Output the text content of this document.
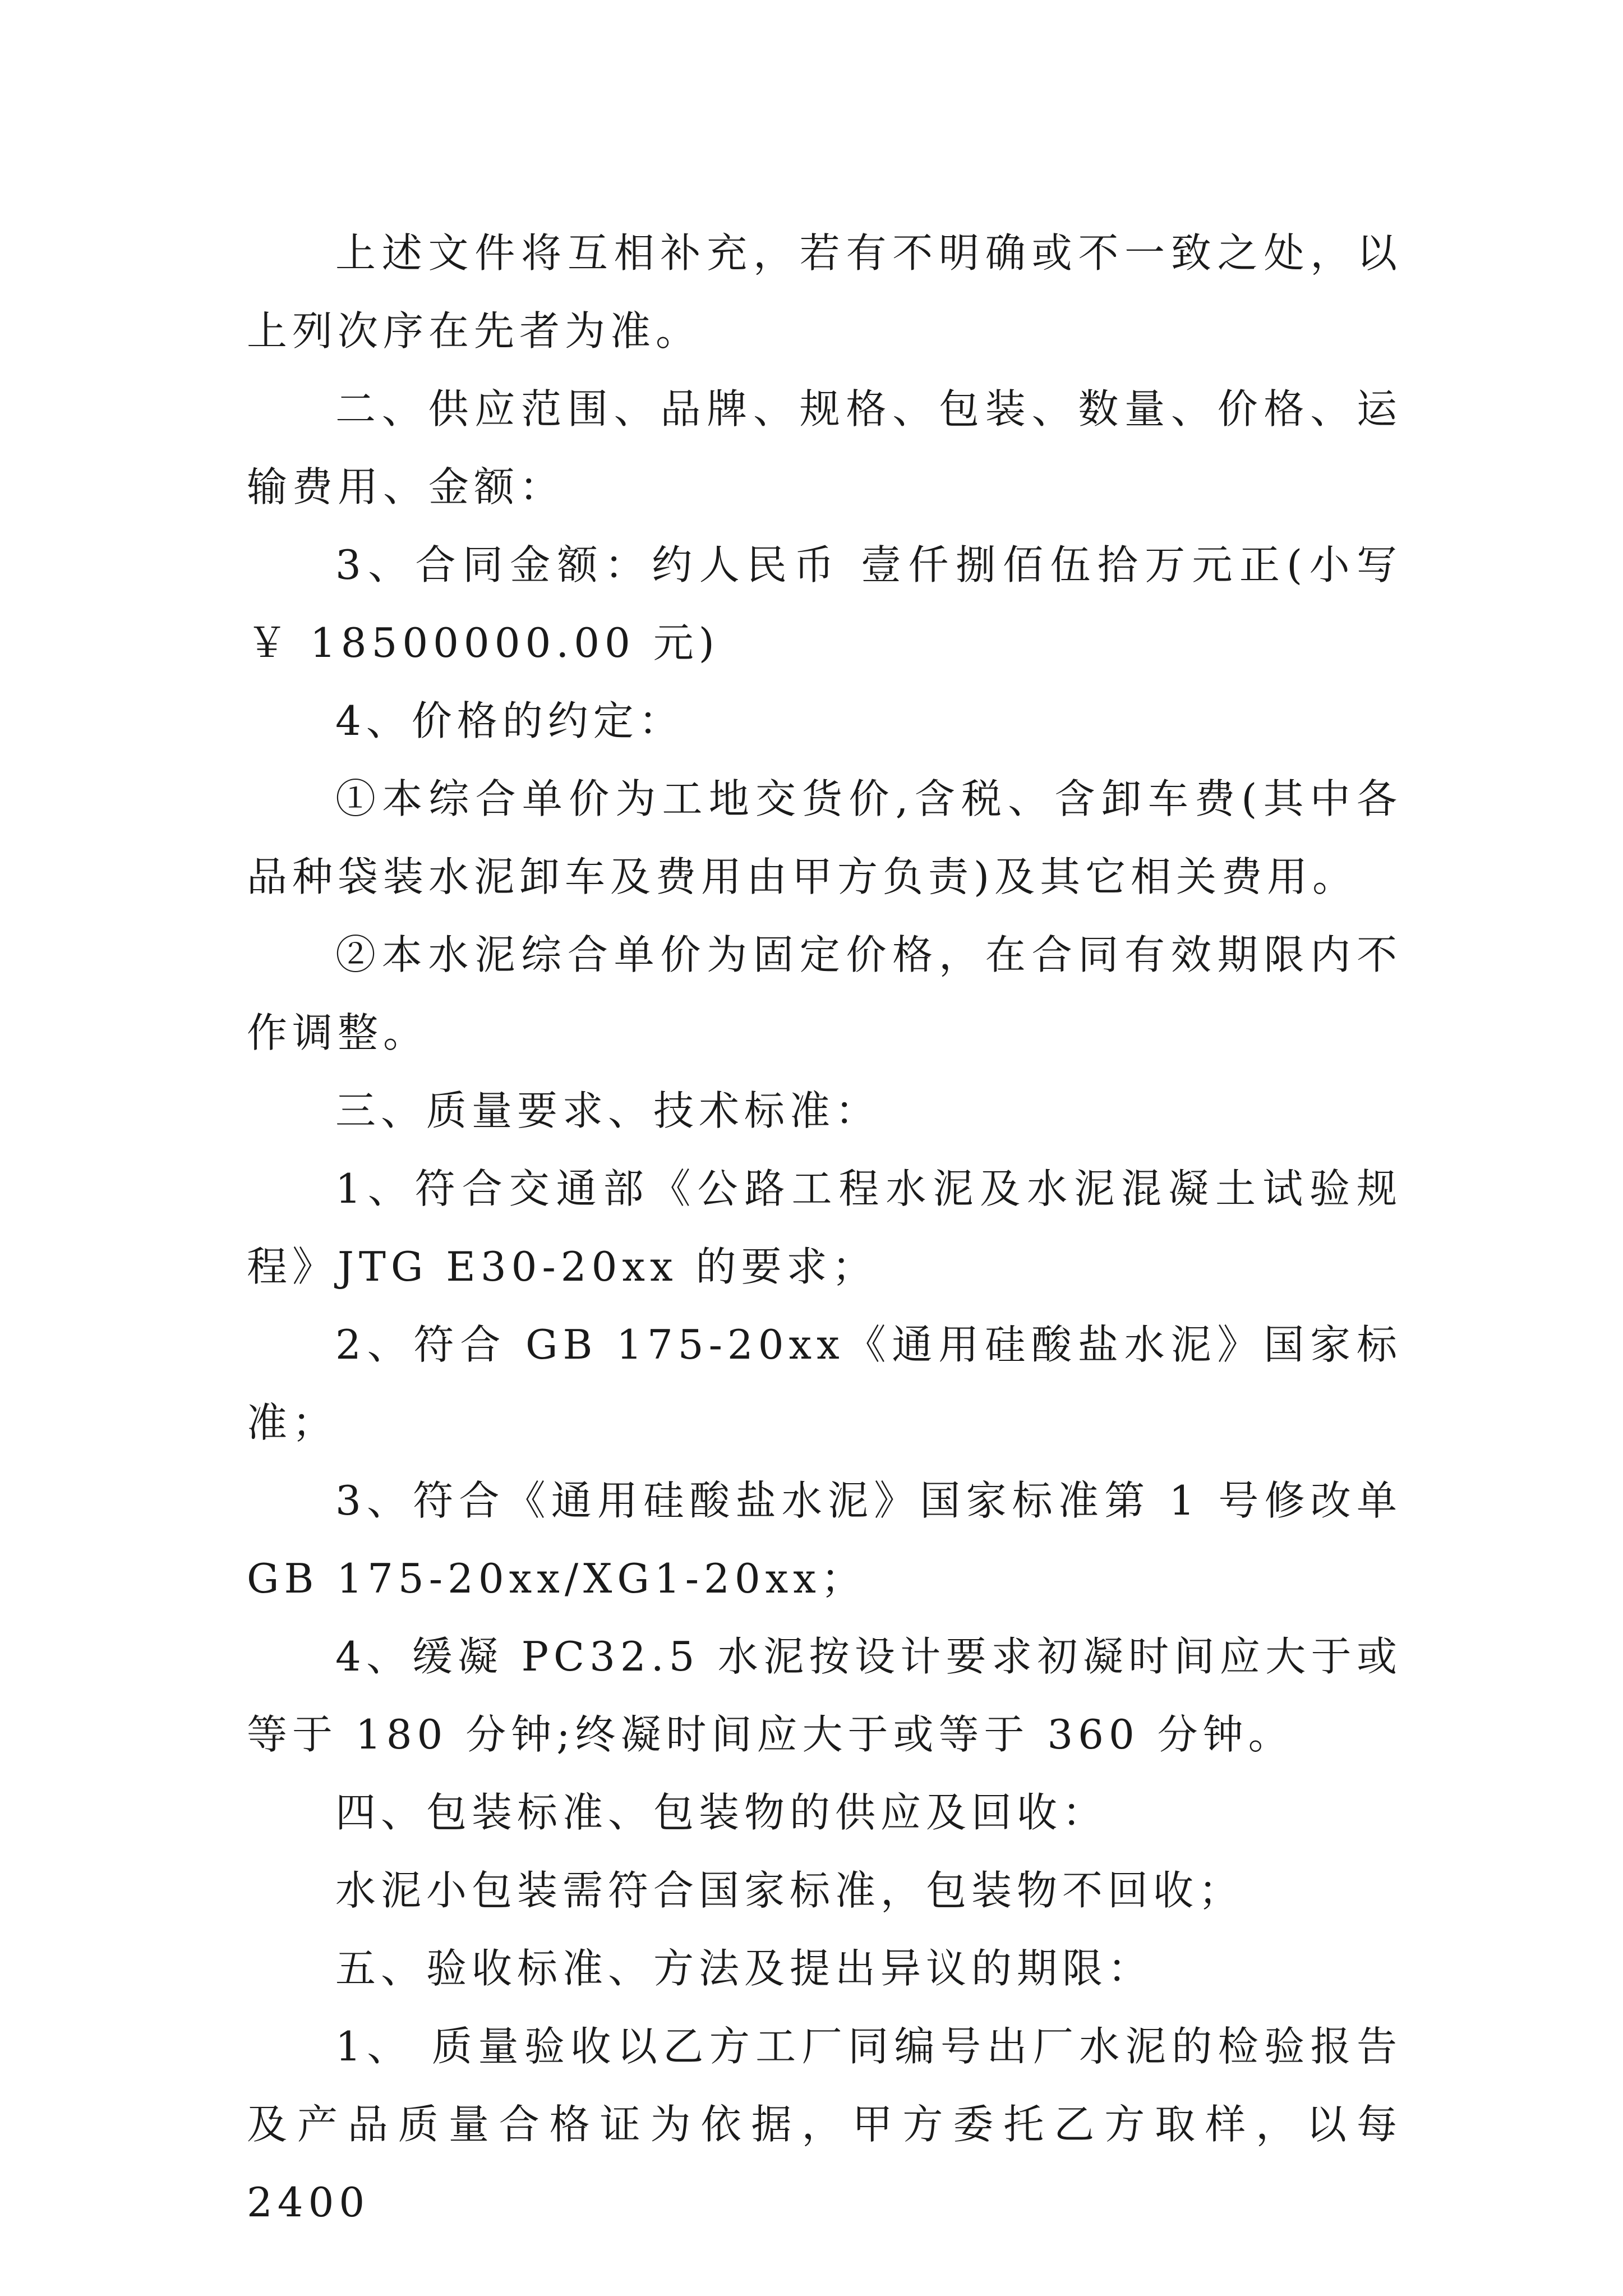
上述文件将互相补充，若有不明确或不一致之处，以上列次序在先者为准。

二、供应范围、品牌、规格、包装、数量、价格、运输费用、金额：

3、合同金额：约人民币 壹仟捌佰伍拾万元正(小写￥ 18500000.00 元)

4、价格的约定：

①本综合单价为工地交货价,含税、含卸车费(其中各品种袋装水泥卸车及费用由甲方负责)及其它相关费用。

②本水泥综合单价为固定价格，在合同有效期限内不作调整。

三、质量要求、技术标准：

1、符合交通部《公路工程水泥及水泥混凝土试验规程》JTG E30-20xx 的要求；

2、符合 GB 175-20xx《通用硅酸盐水泥》国家标准；

3、符合《通用硅酸盐水泥》国家标准第 1 号修改单 GB 175-20xx/XG1-20xx；

4、缓凝 PC32.5 水泥按设计要求初凝时间应大于或等于 180 分钟;终凝时间应大于或等于 360 分钟。

四、包装标准、包装物的供应及回收：

水泥小包装需符合国家标准，包装物不回收；

五、验收标准、方法及提出异议的期限：

1、 质量验收以乙方工厂同编号出厂水泥的检验报告及产品质量合格证为依据，甲方委托乙方取样，以每 2400
